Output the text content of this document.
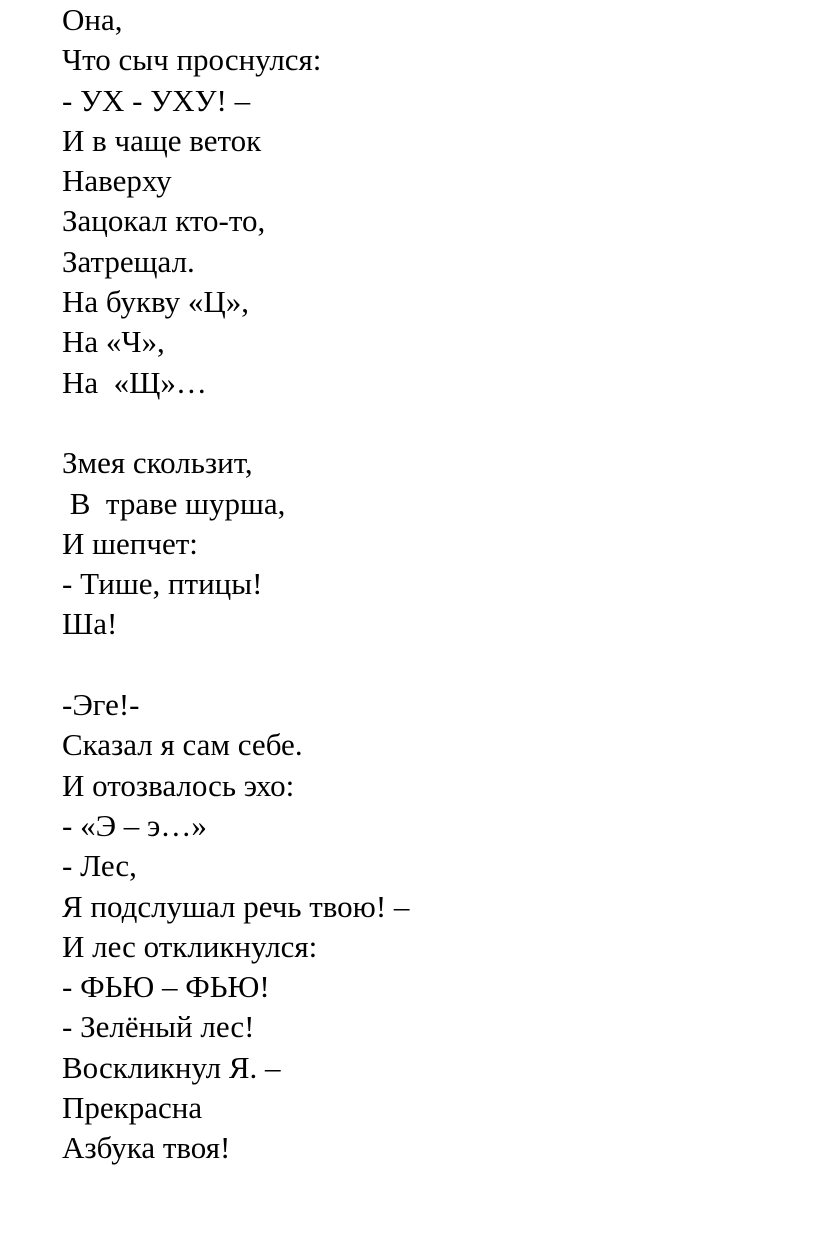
Она,
Что сыч проснулся:
- УХ - УХУ! –
И в чаще веток
Наверху
Зацокал кто-то,
Затрещал.
На букву «Ц»,
На «Ч»,
На  «Щ»…
Змея скользит,
В  траве шурша,
И шепчет:
- Тише, птицы!
Ша!
-Эге!-
Сказал я сам себе.
И отозвалось эхо:
- «Э – э…»
- Лес,
Я подслушал речь твою! –
И лес откликнулся:
- ФЬЮ – ФЬЮ!
- Зелёный лес!
Воскликнул Я. –
Прекрасна
Азбука твоя!
